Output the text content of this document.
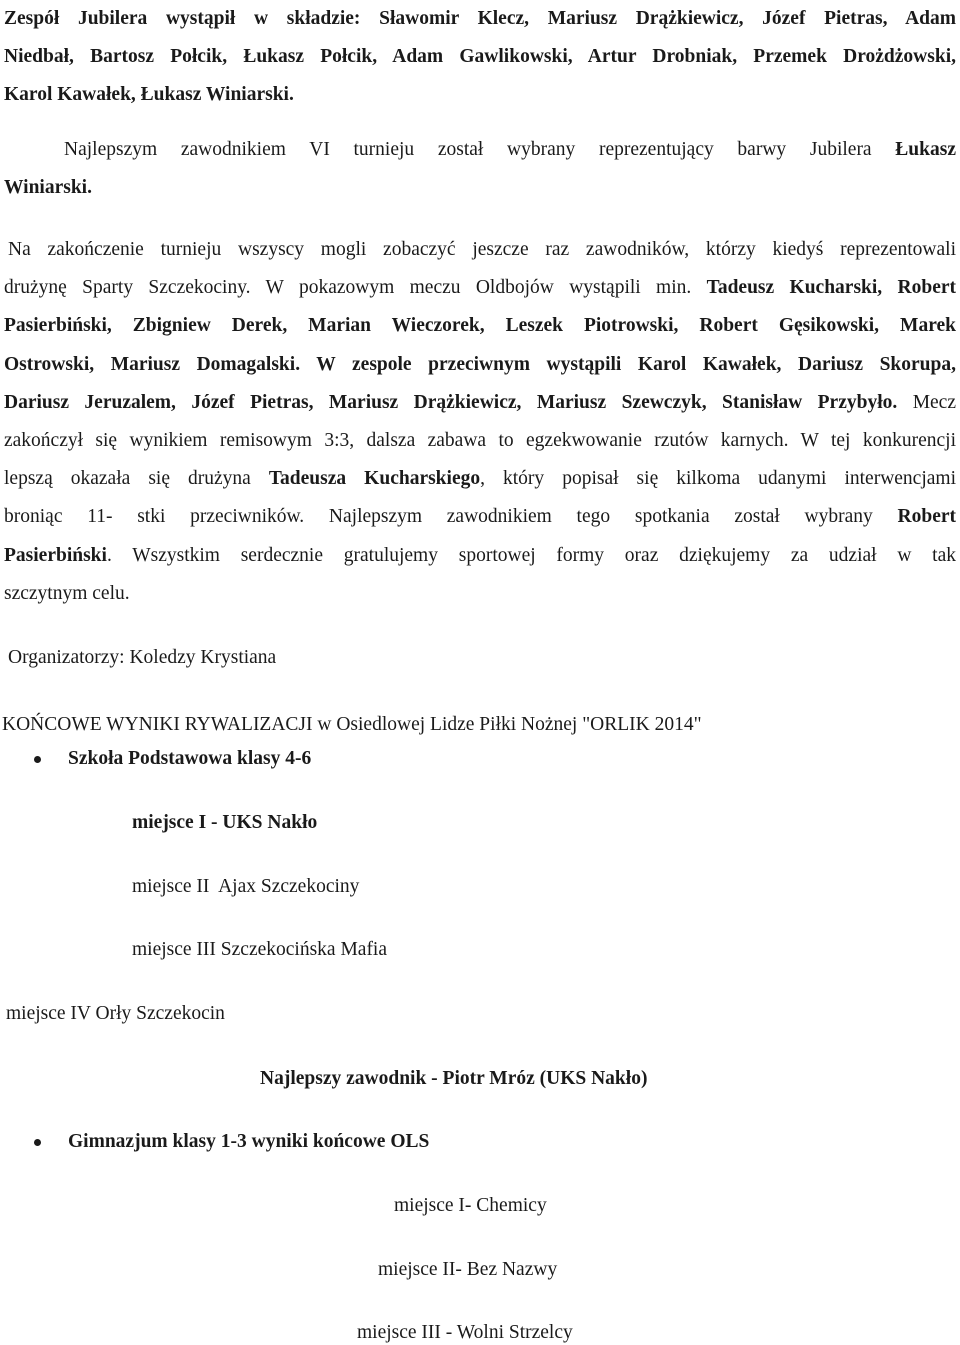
Zespół Jubilera wystąpił w składzie: Sławomir Klecz, Mariusz Drążkiewicz, Józef Pietras, Adam
Niedbał, Bartosz Połcik, Łukasz Połcik, Adam Gawlikowski, Artur Drobniak, Przemek Drożdżowski,
Karol Kawałek, Łukasz Winiarski.
Najlepszym zawodnikiem VI turnieju został wybrany reprezentujący barwy Jubilera Łukasz
Winiarski.
Na zakończenie turnieju wszyscy mogli zobaczyć jeszcze raz zawodników, którzy kiedyś reprezentowali
drużynę Sparty Szczekociny. W pokazowym meczu Oldbojów wystąpili min. Tadeusz Kucharski, Robert
Pasierbiński, Zbigniew Derek, Marian Wieczorek, Leszek Piotrowski, Robert Gęsikowski, Marek
Ostrowski, Mariusz Domagalski. W zespole przeciwnym wystąpili Karol Kawałek, Dariusz Skorupa,
Dariusz Jeruzalem, Józef Pietras, Mariusz Drążkiewicz, Mariusz Szewczyk, Stanisław Przybyło. Mecz
zakończył się wynikiem remisowym 3:3, dalsza zabawa to egzekwowanie rzutów karnych. W tej konkurencji
lepszą okazała się drużyna Tadeusza Kucharskiego, który popisał się kilkoma udanymi interwencjami
broniąc 11- stki przeciwników. Najlepszym zawodnikiem tego spotkania został wybrany Robert
Pasierbiński. Wszystkim serdecznie gratulujemy sportowej formy oraz dziękujemy za udział w tak
szczytnym celu.
Organizatorzy: Koledzy Krystiana
KOŃCOWE WYNIKI RYWALIZACJI w Osiedlowej Lidze Piłki Nożnej "ORLIK 2014"
Szkoła Podstawowa klasy 4-6
miejsce I - UKS Nakło
miejsce II  Ajax Szczekociny
miejsce III Szczekocińska Mafia
miejsce IV Orły Szczekocin
Najlepszy zawodnik - Piotr Mróz (UKS Nakło)
Gimnazjum klasy 1-3 wyniki końcowe OLS
miejsce I- Chemicy
miejsce II- Bez Nazwy
miejsce III - Wolni Strzelcy
